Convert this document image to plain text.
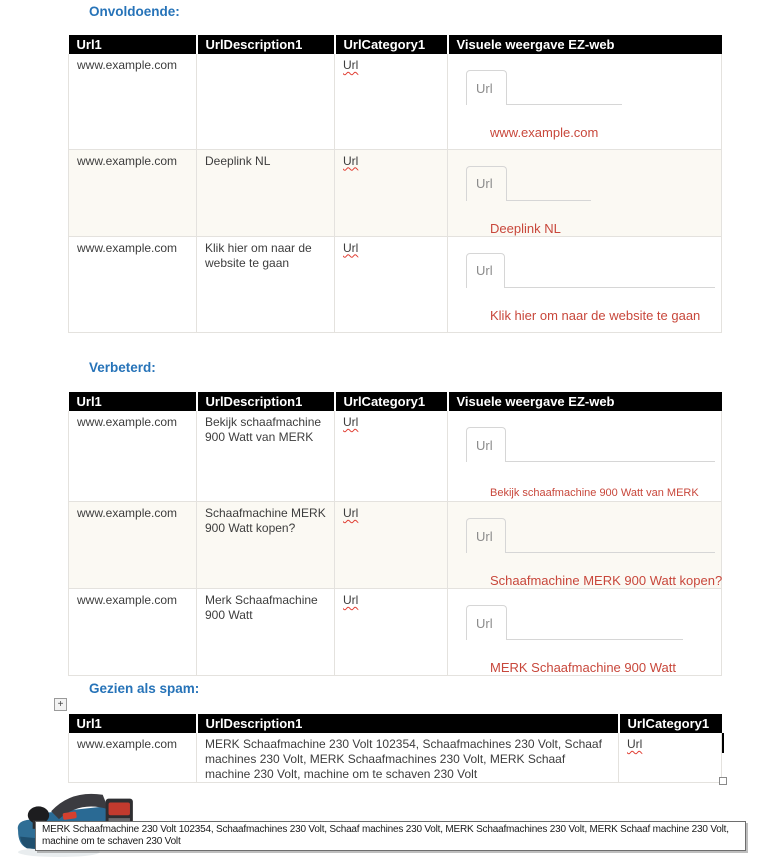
Onvoldoende:
Url1	UrlDescription1	UrlCategory1	Visuele weergave EZ-web
www.example.com		Url	Url
www.example.com

www.example.com	Deeplink NL	Url	Url
Deeplink NL

www.example.com	Klik hier om naar de website te gaan	Url	Url
Klik hier om naar de website te gaan
Verbeterd:
Url1	UrlDescription1	UrlCategory1	Visuele weergave EZ-web
www.example.com	Bekijk schaafmachine 900 Watt van MERK	Url	Url
Bekijk schaafmachine 900 Watt van MERK

www.example.com	Schaafmachine MERK 900 Watt kopen?	Url	Url
Schaafmachine MERK 900 Watt kopen?

www.example.com	Merk Schaafmachine 900 Watt	Url	Url
MERK Schaafmachine 900 Watt
Gezien als spam:
+
Url1	UrlDescription1	UrlCategory1
www.example.com	MERK Schaafmachine 230 Volt 102354, Schaafmachines 230 Volt, Schaaf machines 230 Volt, MERK Schaafmachines 230 Volt, MERK Schaaf machine 230 Volt, machine om te schaven 230 Volt	Url
MERK Schaafmachine 230 Volt 102354, Schaafmachines 230 Volt, Schaaf machines 230 Volt, MERK Schaafmachines 230 Volt, MERK Schaaf machine 230 Volt, machine om te schaven 230 Volt
